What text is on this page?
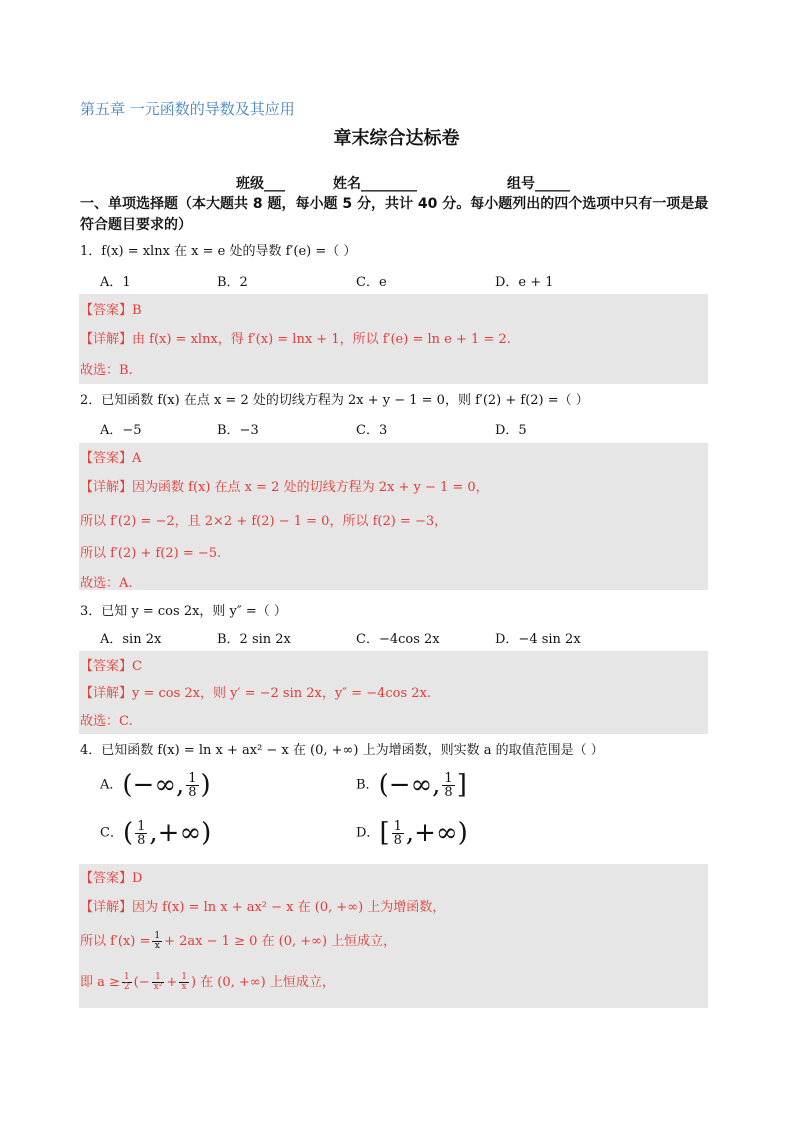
第五章 一元函数的导数及其应用
章末综合达标卷
班级___	姓名________	组号_____
一、单项选择题（本大题共 8 题，每小题 5 分，共计 40 分。每小题列出的四个选项中只有一项是最符合题目要求的）
1．f(x) = xlnx 在 x = e 处的导数 f′(e) =（ ）
A．1	B．2	C．e	D．e + 1
【答案】B
【详解】由 f(x) = xlnx，得 f′(x) = lnx + 1，所以 f′(e) = ln e + 1 = 2.
故选：B.
2．已知函数 f(x) 在点 x = 2 处的切线方程为 2x + y − 1 = 0，则 f′(2) + f(2) =（ ）
A．−5	B．−3	C．3	D．5
【答案】A
【详解】因为函数 f(x) 在点 x = 2 处的切线方程为 2x + y − 1 = 0，
所以 f′(2) = −2，且 2×2 + f(2) − 1 = 0，所以 f(2) = −3，
所以 f′(2) + f(2) = −5.
故选：A.
3．已知 y = cos 2x，则 y″ =（ ）
A．sin 2x	B．2 sin 2x	C．−4cos 2x	D．−4 sin 2x
【答案】C
【详解】y = cos 2x，则 y′ = −2 sin 2x，y″ = −4cos 2x.
故选：C.
4．已知函数 f(x) = ln x + ax² − x 在 (0, +∞) 上为增函数，则实数 a 的取值范围是（ ）
A．(−∞, $\frac{1}{8}$ )	B．(−∞, $\frac{1}{8}$ ]
C．( $\frac{1}{8}$ ,+∞)	D．[ $\frac{1}{8}$ ,+∞)
【答案】D
【详解】因为 f(x) = ln x + ax² − x 在 (0, +∞) 上为增函数，
所以 $f'(x) = \frac{1}{x} + 2ax - 1 \ge 0$ 在 (0, +∞) 上恒成立，
即 $a \ge \frac{1}{2}$ (− $\frac{1}{\text{x²}} + \frac{1}{x}$ ) 在 (0, +∞) 上恒成立，
